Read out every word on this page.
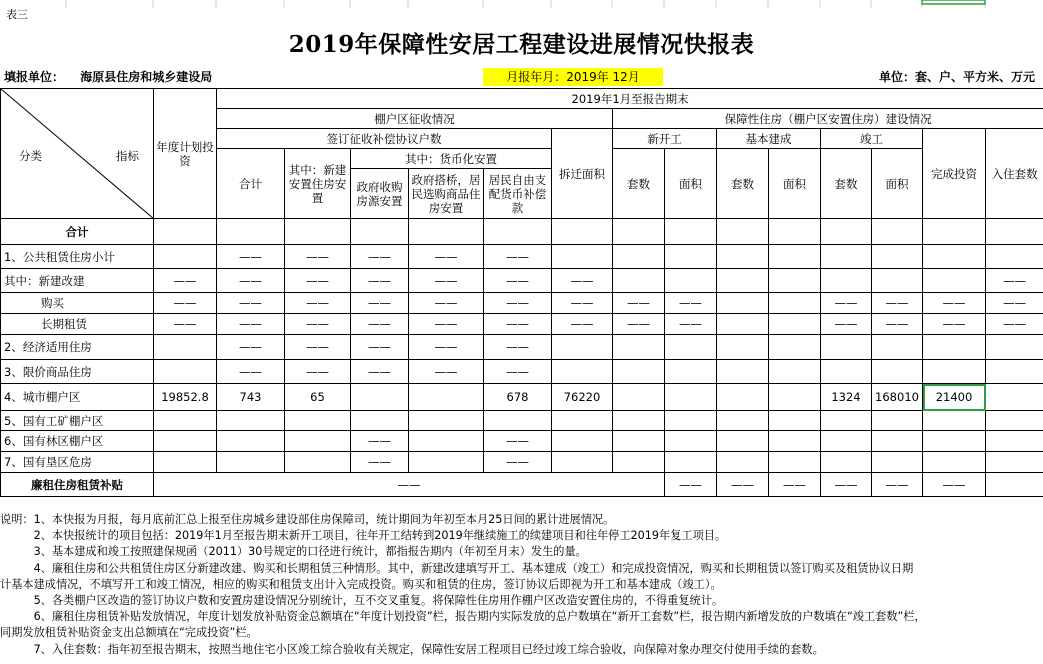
表三
2019年保障性安居工程建设进展情况快报表
填报单位： 海原县住房和城乡建设局	月报年月：2019年 12月	单位：套、户、平方米、万元
分类 指标	年度计划投资	2019年1月至报告期末														
		棚户区征收情况						保障性住房（棚户区安置住房）建设情况								
		签订征收补偿协议户数					拆迁面积	新开工		基本建成		竣工		完成投资	入住套数	
		合计	其中：新建安置住房安置	其中：货币化安置				套数	面积	套数	面积	套数	面积			
				政府收购房源安置	政府搭桥，居民选购商品住房安置	居民自由支配货币补偿款										

合计																
1、公共租赁住房小计		——	——	——	——	——										
其中：新建改建	——	——	——	——	——	——	——								——	
购买	——	——	——	——	——	——	——	——	——			——	——	——	——	
长期租赁	——	——	——	——	——	——	——	——	——			——	——	——	——	
2、经济适用住房		——	——	——	——	——										
3、限价商品住房		——	——	——	——	——										
4、城市棚户区	19852.8	743	65			678	76220					1324	168010	21400		
5、国有工矿棚户区																
6、国有林区棚户区				——		——										
7、国有垦区危房				——		——										
廉租住房租赁补贴	——								——	——	——	——	——	——		
说明：1、本快报为月报，每月底前汇总上报至住房城乡建设部住房保障司，统计期间为年初至本月25日间的累计进展情况。
　　　2、本快报统计的项目包括：2019年1月至报告期末新开工项目，往年开工结转到2019年继续施工的续建项目和往年停工2019年复工项目。
　　　3、基本建成和竣工按照建保规函（2011）30号规定的口径进行统计，都指报告期内（年初至月末）发生的量。
　　　4、廉租住房和公共租赁住房区分新建改建、购买和长期租赁三种情形。其中，新建改建填写开工、基本建成（竣工）和完成投资情况，购买和长期租赁以签订购买及租赁协议日期
计基本建成情况，不填写开工和竣工情况，相应的购买和租赁支出计入完成投资。购买和租赁的住房，签订协议后即视为开工和基本建成（竣工）。
　　　5、各类棚户区改造的签订协议户数和安置房建设情况分别统计，互不交叉重复。将保障性住房用作棚户区改造安置住房的，不得重复统计。
　　　6、廉租住房租赁补贴发放情况，年度计划发放补贴资金总额填在“年度计划投资”栏，报告期内实际发放的总户数填在“新开工套数”栏，报告期内新增发放的户数填在“竣工套数”栏，
同期发放租赁补贴资金支出总额填在“完成投资”栏。
　　　7、入住套数：指年初至报告期末，按照当地住宅小区竣工综合验收有关规定，保障性安居工程项目已经过竣工综合验收，向保障对象办理交付使用手续的套数。
